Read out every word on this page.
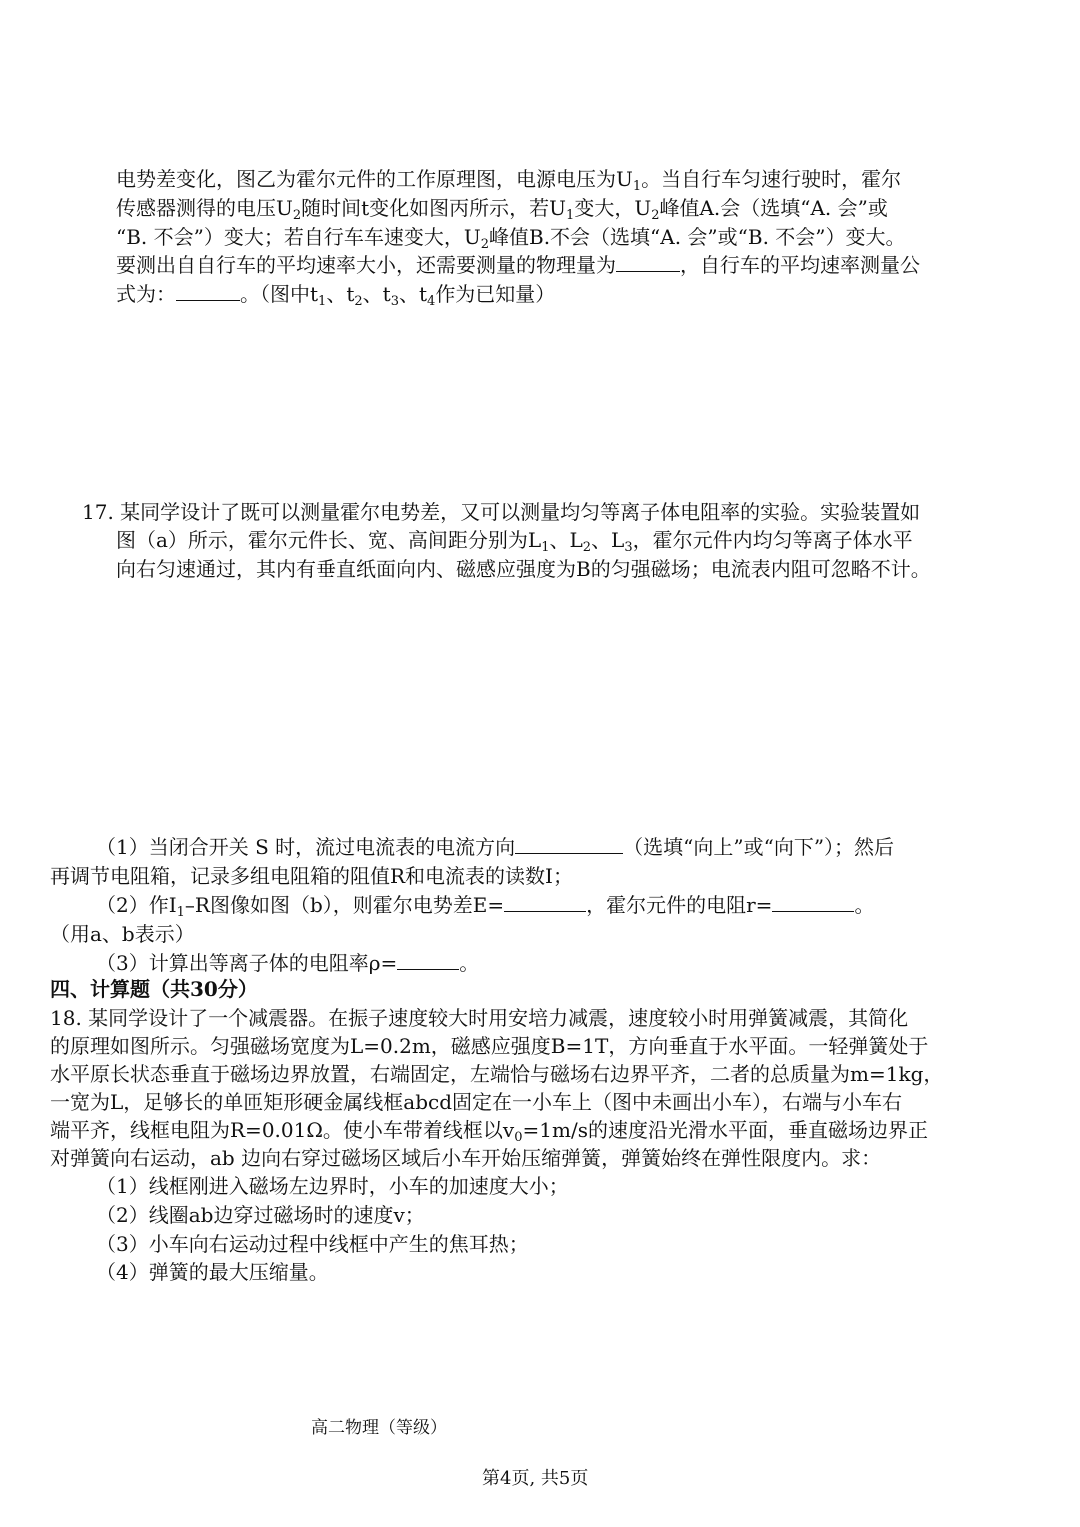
电势差变化，图乙为霍尔元件的工作原理图，电源电压为$U_1$。当自行车匀速行驶时，霍尔
传感器测得的电压$U_2$随时间t变化如图丙所示，若$U_1$变大，$U_2$峰值A.会（选填“A. 会”或
“B. 不会”）变大；若自行车车速变大，$U_2$峰值B.不会（选填“A. 会”或“B. 不会”）变大。
要测出自自行车的平均速率大小，还需要测量的物理量为	，自行车的平均速率测量公
式为：	。（图中$t_1$、$t_2$、$t_3$、$t_4$作为已知量）
17. 某同学设计了既可以测量霍尔电势差，又可以测量均匀等离子体电阻率的实验。实验装置如
图（a）所示，霍尔元件长、宽、高间距分别为$L_1$、$L_2$、$L_3$，霍尔元件内均匀等离子体水平
向右匀速通过，其内有垂直纸面向内、磁感应强度为B的匀强磁场；电流表内阻可忽略不计。
（1）当闭合开关 S 时，流过电流表的电流方向	（选填“向上”或“向下”）；然后
再调节电阻箱，记录多组电阻箱的阻值R和电流表的读数I；
（2）作$I_1-R$图像如图（b），则霍尔电势差E=	，霍尔元件的电阻r=	。
（用a、b表示）
（3）计算出等离子体的电阻率ρ=	。
四、计算题（共30分）
18. 某同学设计了一个减震器。在振子速度较大时用安培力减震，速度较小时用弹簧减震，其简化
的原理如图所示。匀强磁场宽度为L=0.2m，磁感应强度B=1T，方向垂直于水平面。一轻弹簧处于
水平原长状态垂直于磁场边界放置，右端固定，左端恰与磁场右边界平齐，二者的总质量为m=1kg，
一宽为L，足够长的单匝矩形硬金属线框abcd固定在一小车上（图中未画出小车），右端与小车右
端平齐，线框电阻为R=0.01Ω。使小车带着线框以$v_0=1m/s$的速度沿光滑水平面，垂直磁场边界正
对弹簧向右运动，ab 边向右穿过磁场区域后小车开始压缩弹簧，弹簧始终在弹性限度内。求：
（1）线框刚进入磁场左边界时，小车的加速度大小；
（2）线圈ab边穿过磁场时的速度v；
（3）小车向右运动过程中线框中产生的焦耳热；
（4）弹簧的最大压缩量。
高二物理（等级）
第4页, 共5页
